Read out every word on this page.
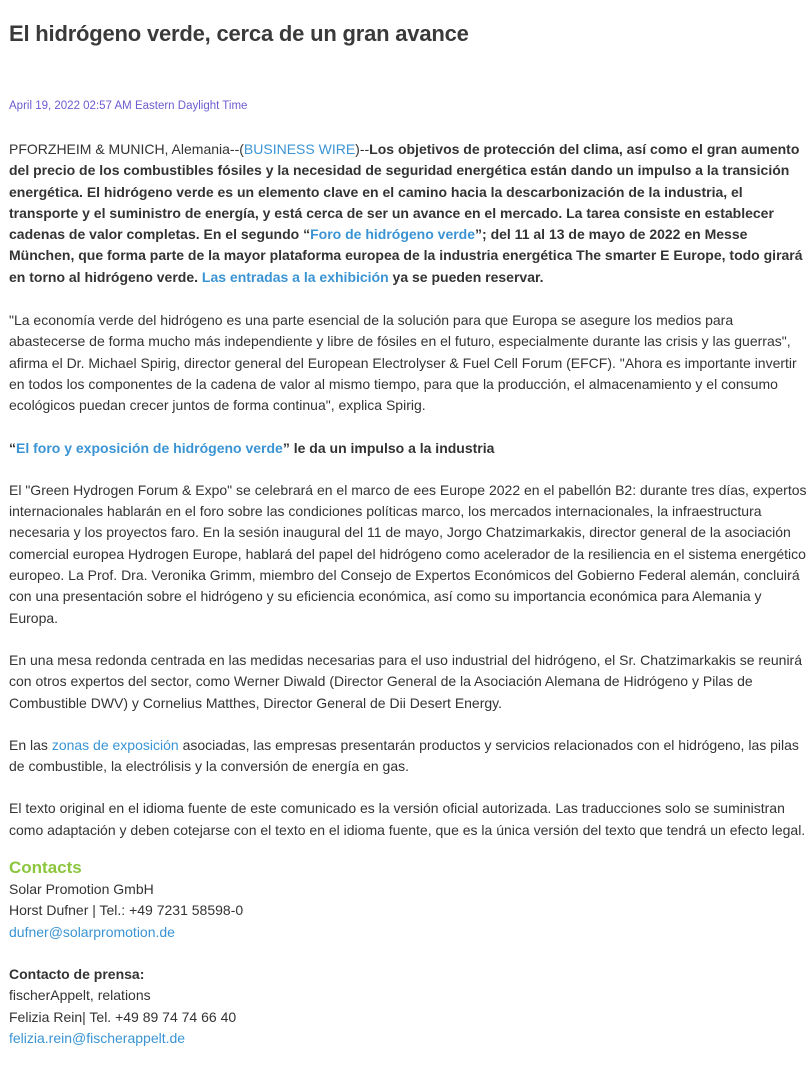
El hidrógeno verde, cerca de un gran avance
April 19, 2022 02:57 AM Eastern Daylight Time

PFORZHEIM & MUNICH, Alemania--(BUSINESS WIRE)--Los objetivos de protección del clima, así como el gran aumento del precio de los combustibles fósiles y la necesidad de seguridad energética están dando un impulso a la transición energética. El hidrógeno verde es un elemento clave en el camino hacia la descarbonización de la industria, el transporte y el suministro de energía, y está cerca de ser un avance en el mercado. La tarea consiste en establecer cadenas de valor completas. En el segundo “Foro de hidrógeno verde”; del 11 al 13 de mayo de 2022 en Messe München, que forma parte de la mayor plataforma europea de la industria energética The smarter E Europe, todo girará en torno al hidrógeno verde. Las entradas a la exhibición ya se pueden reservar.

"La economía verde del hidrógeno es una parte esencial de la solución para que Europa se asegure los medios para abastecerse de forma mucho más independiente y libre de fósiles en el futuro, especialmente durante las crisis y las guerras", afirma el Dr. Michael Spirig, director general del European Electrolyser & Fuel Cell Forum (EFCF). "Ahora es importante invertir en todos los componentes de la cadena de valor al mismo tiempo, para que la producción, el almacenamiento y el consumo ecológicos puedan crecer juntos de forma continua", explica Spirig.

“El foro y exposición de hidrógeno verde” le da un impulso a la industria

El "Green Hydrogen Forum & Expo" se celebrará en el marco de ees Europe 2022 en el pabellón B2: durante tres días, expertos internacionales hablarán en el foro sobre las condiciones políticas marco, los mercados internacionales, la infraestructura necesaria y los proyectos faro. En la sesión inaugural del 11 de mayo, Jorgo Chatzimarkakis, director general de la asociación comercial europea Hydrogen Europe, hablará del papel del hidrógeno como acelerador de la resiliencia en el sistema energético europeo. La Prof. Dra. Veronika Grimm, miembro del Consejo de Expertos Económicos del Gobierno Federal alemán, concluirá con una presentación sobre el hidrógeno y su eficiencia económica, así como su importancia económica para Alemania y Europa.

En una mesa redonda centrada en las medidas necesarias para el uso industrial del hidrógeno, el Sr. Chatzimarkakis se reunirá con otros expertos del sector, como Werner Diwald (Director General de la Asociación Alemana de Hidrógeno y Pilas de Combustible DWV) y Cornelius Matthes, Director General de Dii Desert Energy.

En las zonas de exposición asociadas, las empresas presentarán productos y servicios relacionados con el hidrógeno, las pilas de combustible, la electrólisis y la conversión de energía en gas.

El texto original en el idioma fuente de este comunicado es la versión oficial autorizada. Las traducciones solo se suministran como adaptación y deben cotejarse con el texto en el idioma fuente, que es la única versión del texto que tendrá un efecto legal.

Contacts
Solar Promotion GmbH
Horst Dufner | Tel.: +49 7231 58598-0
dufner@solarpromotion.de
Contacto de prensa:
fischerAppelt, relations
Felizia Rein| Tel. +49 89 74 74 66 40
felizia.rein@fischerappelt.de
